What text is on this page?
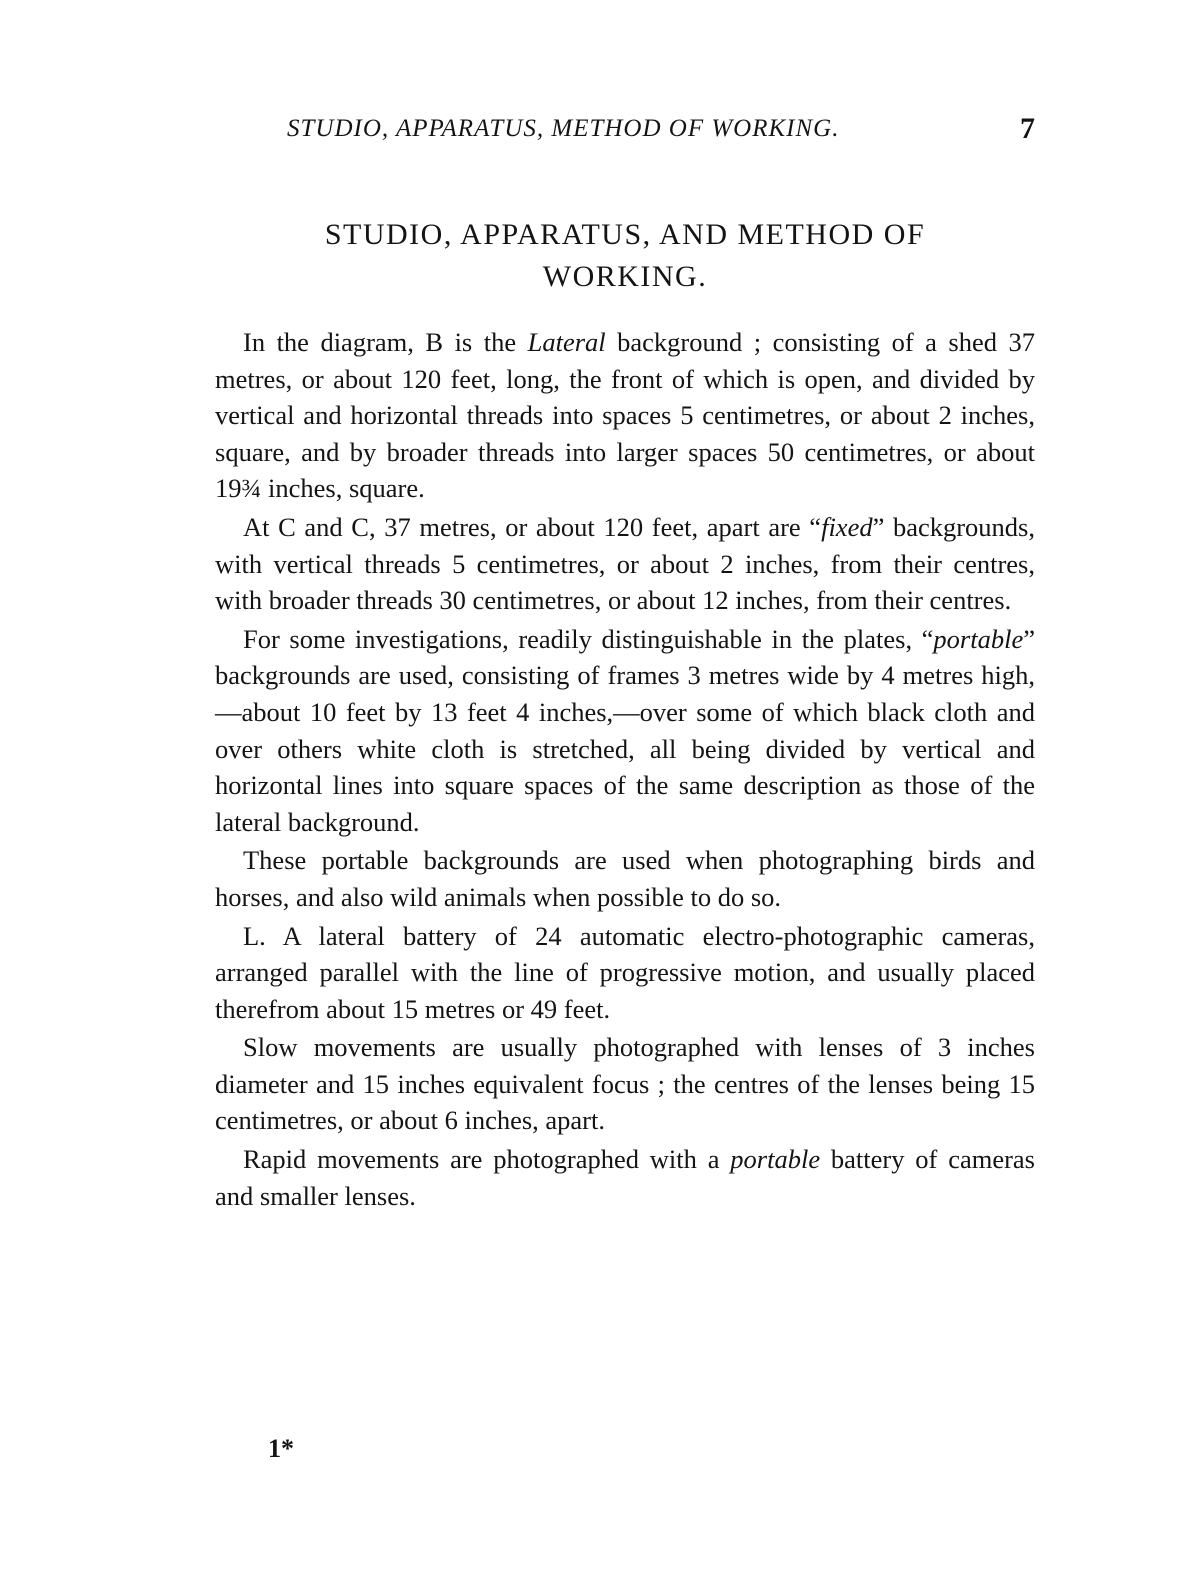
STUDIO, APPARATUS, METHOD OF WORKING.	7
STUDIO, APPARATUS, AND METHOD OF
WORKING.

In the diagram, B is the Lateral background ; consisting of a shed 37 metres, or about 120 feet, long, the front of which is open, and divided by vertical and horizontal threads into spaces 5 centimetres, or about 2 inches, square, and by broader threads into larger spaces 50 centimetres, or about 19¾ inches, square.

At C and C, 37 metres, or about 120 feet, apart are “fixed” backgrounds, with vertical threads 5 centimetres, or about 2 inches, from their centres, with broader threads 30 centimetres, or about 12 inches, from their centres.

For some investigations, readily distinguishable in the plates, “portable” backgrounds are used, consisting of frames 3 metres wide by 4 metres high,—about 10 feet by 13 feet 4 inches,—over some of which black cloth and over others white cloth is stretched, all being divided by vertical and horizontal lines into square spaces of the same description as those of the lateral background.

These portable backgrounds are used when photographing birds and horses, and also wild animals when possible to do so.

L. A lateral battery of 24 automatic electro-photographic cameras, arranged parallel with the line of progressive motion, and usually placed therefrom about 15 metres or 49 feet.

Slow movements are usually photographed with lenses of 3 inches diameter and 15 inches equivalent focus ; the centres of the lenses being 15 centimetres, or about 6 inches, apart.

Rapid movements are photographed with a portable battery of cameras and smaller lenses.

1*
